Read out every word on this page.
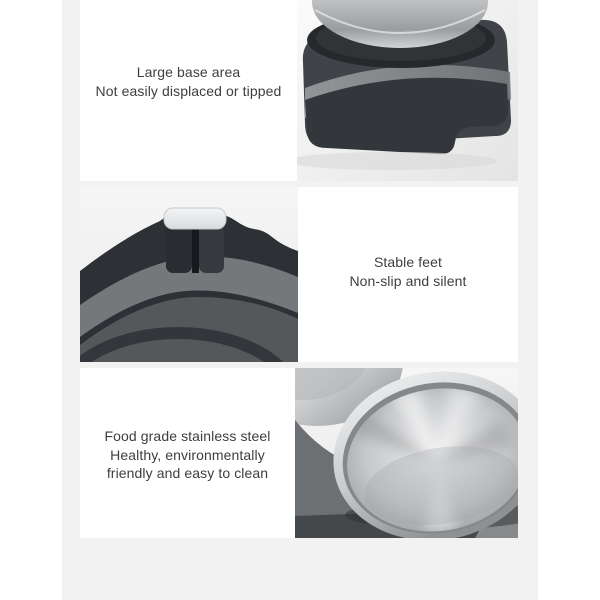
Large base area
Not easily displaced or tipped

Stable feet
Non-slip and silent

Food grade stainless steel
Healthy, environmentally
friendly and easy to clean
